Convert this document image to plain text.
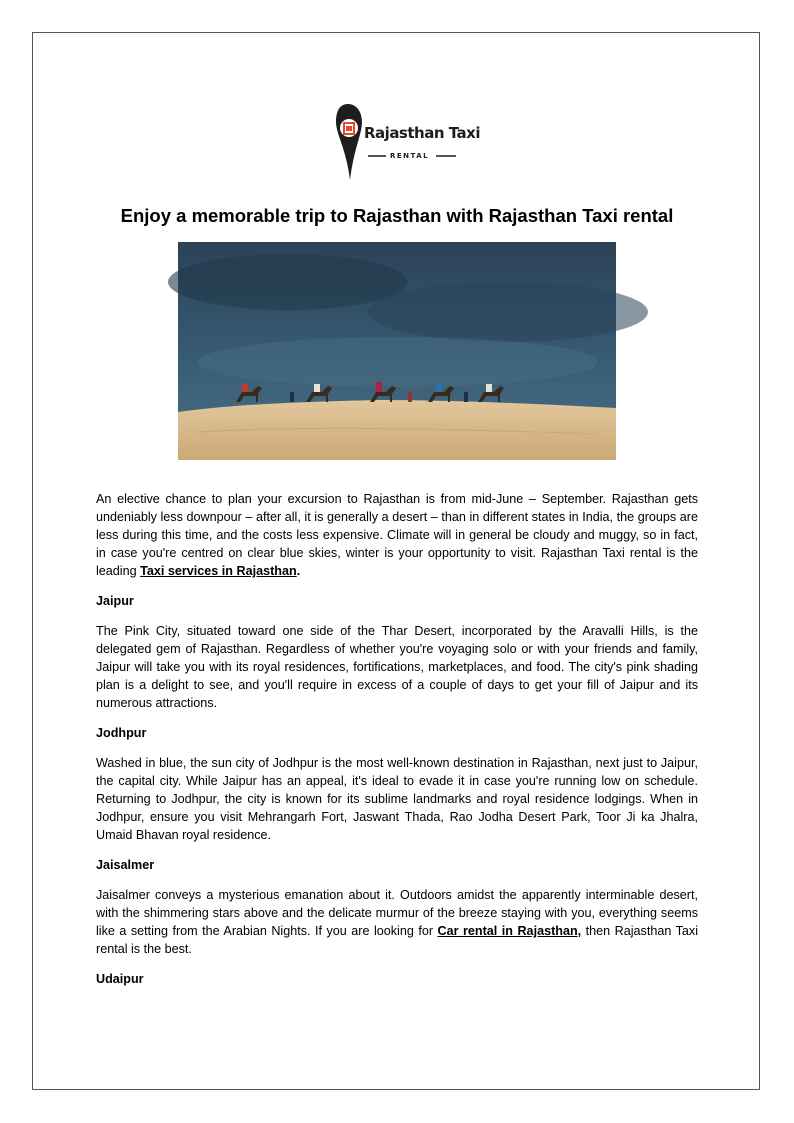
Rajasthan Taxi
RENTAL
Enjoy a memorable trip to Rajasthan with Rajasthan Taxi rental

An elective chance to plan your excursion to Rajasthan is from mid-June – September. Rajasthan gets undeniably less downpour – after all, it is generally a desert – than in different states in India, the groups are less during this time, and the costs less expensive. Climate will in general be cloudy and muggy, so in fact, in case you're centred on clear blue skies, winter is your opportunity to visit. Rajasthan Taxi rental is the leading Taxi services in Rajasthan.

Jaipur

The Pink City, situated toward one side of the Thar Desert, incorporated by the Aravalli Hills, is the delegated gem of Rajasthan. Regardless of whether you're voyaging solo or with your friends and family, Jaipur will take you with its royal residences, fortifications, marketplaces, and food. The city's pink shading plan is a delight to see, and you'll require in excess of a couple of days to get your fill of Jaipur and its numerous attractions.

Jodhpur

Washed in blue, the sun city of Jodhpur is the most well-known destination in Rajasthan, next just to Jaipur, the capital city. While Jaipur has an appeal, it's ideal to evade it in case you're running low on schedule. Returning to Jodhpur, the city is known for its sublime landmarks and royal residence lodgings. When in Jodhpur, ensure you visit Mehrangarh Fort, Jaswant Thada, Rao Jodha Desert Park, Toor Ji ka Jhalra, Umaid Bhavan royal residence.

Jaisalmer

Jaisalmer conveys a mysterious emanation about it. Outdoors amidst the apparently interminable desert, with the shimmering stars above and the delicate murmur of the breeze staying with you, everything seems like a setting from the Arabian Nights. If you are looking for Car rental in Rajasthan, then Rajasthan Taxi rental is the best.

Udaipur
